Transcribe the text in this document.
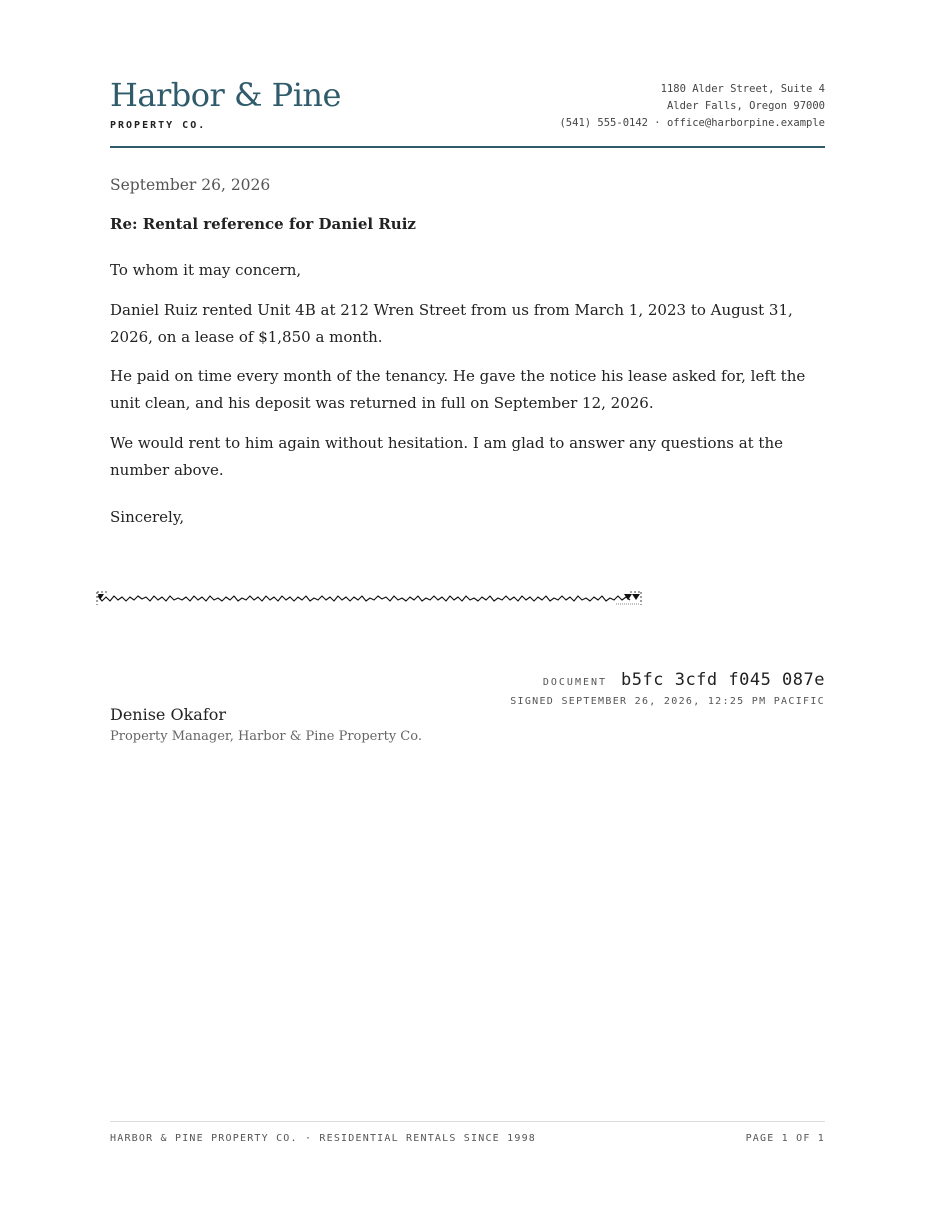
Harbor & Pine
PROPERTY CO.
1180 Alder Street, Suite 4
Alder Falls, Oregon 97000
(541) 555-0142 · office@harborpine.example
September 26, 2026
Re: Rental reference for Daniel Ruiz
To whom it may concern,
Daniel Ruiz rented Unit 4B at 212 Wren Street from us from March 1, 2023 to August 31, 2026, on a lease of $1,850 a month.
He paid on time every month of the tenancy. He gave the notice his lease asked for, left the unit clean, and his deposit was returned in full on September 12, 2026.
We would rent to him again without hesitation. I am glad to answer any questions at the number above.
Sincerely,
DOCUMENT b5fc 3cfd f045 087e
SIGNED SEPTEMBER 26, 2026, 12:25 PM PACIFIC
Denise Okafor
Property Manager, Harbor & Pine Property Co.
HARBOR & PINE PROPERTY CO. · RESIDENTIAL RENTALS SINCE 1998	PAGE 1 OF 1
